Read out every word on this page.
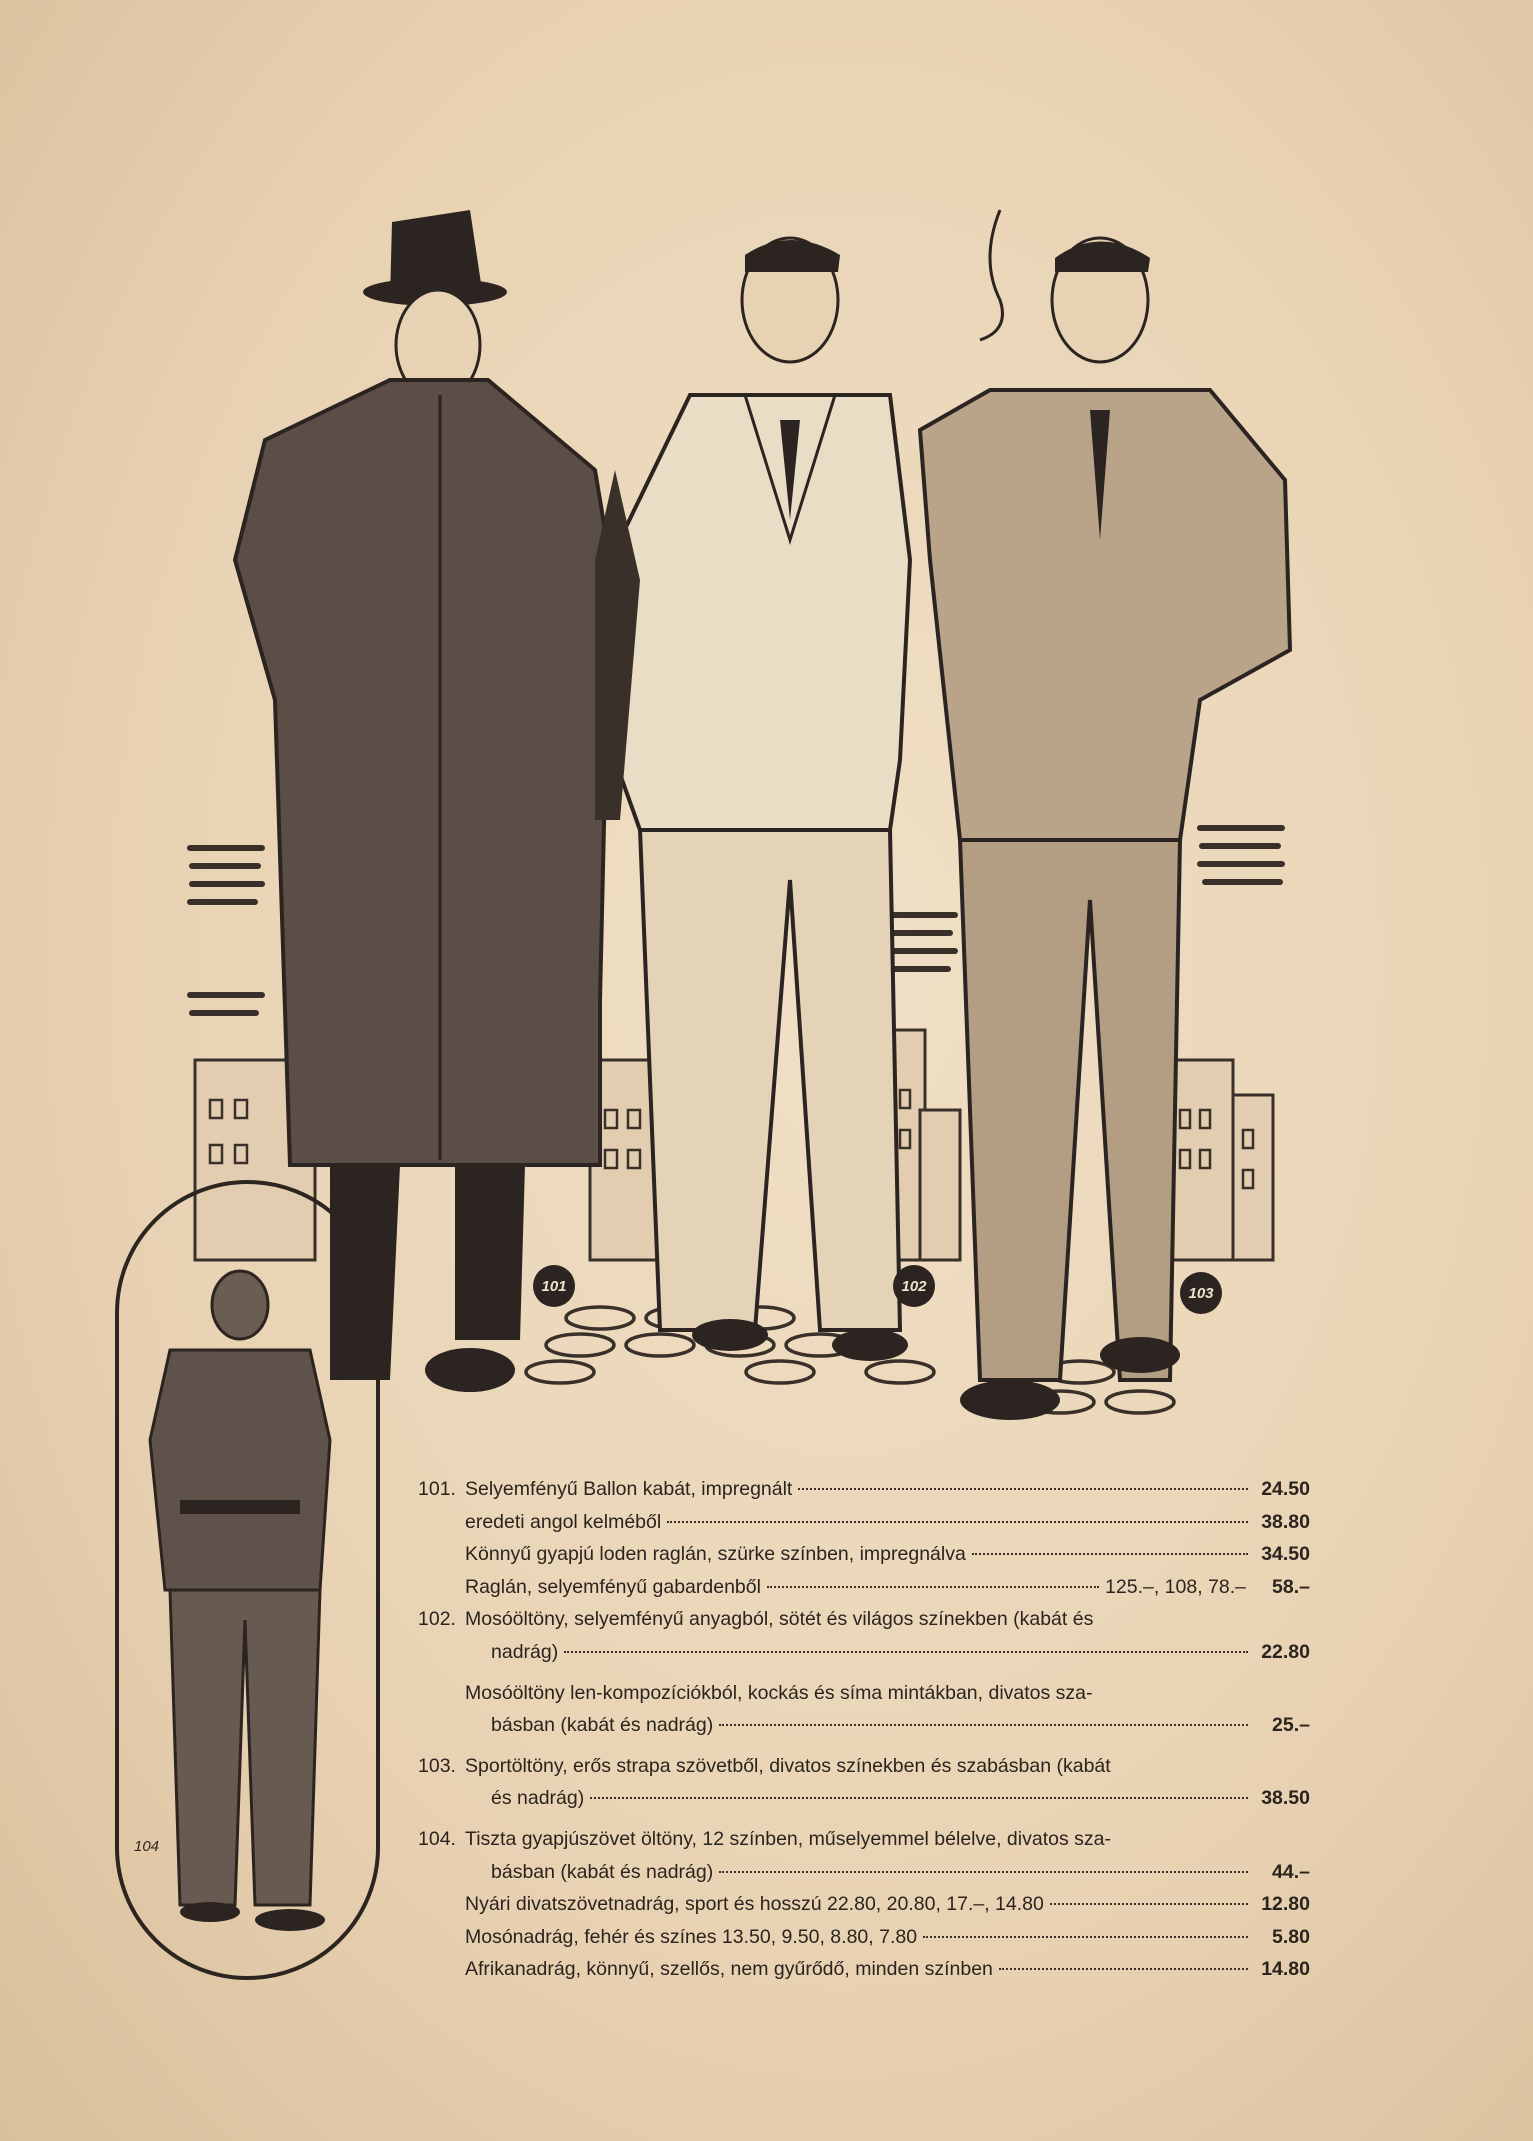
101	102	103
104
101. Selyemfényű Ballon kabát, impregnált	24.50
eredeti angol kelméből	38.80
Könnyű gyapjú loden raglán, szürke színben, impregnálva	34.50
Raglán, selyemfényű gabardenből	125.–, 108, 78.–	58.–
102. Mosóöltöny, selyemfényű anyagból, sötét és világos színekben (kabát és
nadrág)	22.80
Mosóöltöny len-kompozíciókból, kockás és síma mintákban, divatos sza-
básban (kabát és nadrág)	25.–
103. Sportöltöny, erős strapa szövetből, divatos színekben és szabásban (kabát
és nadrág)	38.50
104. Tiszta gyapjúszövet öltöny, 12 színben, műselyemmel bélelve, divatos sza-
básban (kabát és nadrág)	44.–
Nyári divatszövetnadrág, sport és hosszú 22.80, 20.80, 17.–, 14.80	12.80
Mosónadrág, fehér és színes 13.50, 9.50, 8.80, 7.80	5.80
Afrikanadrág, könnyű, szellős, nem gyűrődő, minden színben	14.80
